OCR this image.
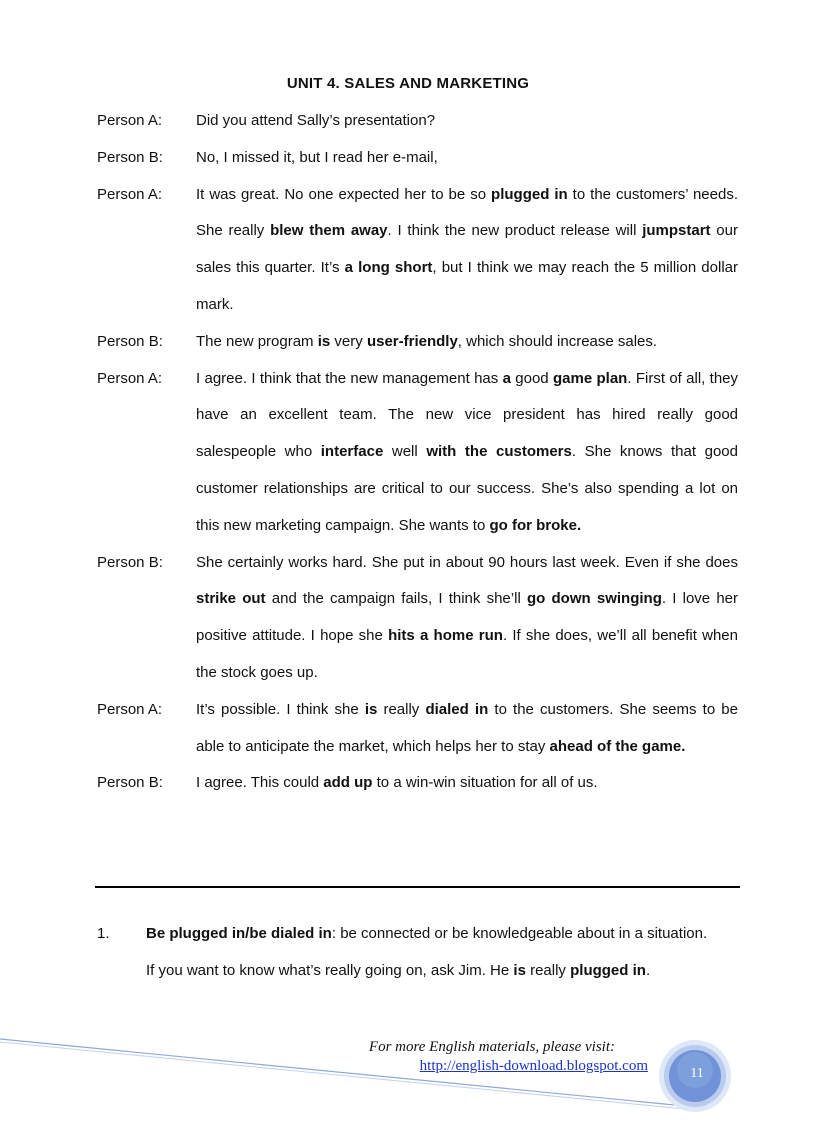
UNIT 4. SALES AND MARKETING
Person A:	Did you attend Sally’s presentation?
Person B:	No, I missed it, but I read her e-mail,
Person A:	It was great. No one expected her to be so plugged in to the customers’ needs. She really blew them away. I think the new product release will jumpstart our sales this quarter. It’s a long short, but I think we may reach the 5 million dollar mark.
Person B:	The new program is very user-friendly, which should increase sales.
Person A:	I agree. I think that the new management has a good game plan. First of all, they have an excellent team. The new vice president has hired really good salespeople who interface well with the customers. She knows that good customer relationships are critical to our success. She’s also spending a lot on this new marketing campaign. She wants to go for broke.
Person B:	She certainly works hard. She put in about 90 hours last week. Even if she does strike out and the campaign fails, I think she’ll go down swinging. I love her positive attitude. I hope she hits a home run. If she does, we’ll all benefit when the stock goes up.
Person A:	It’s possible. I think she is really dialed in to the customers. She seems to be able to anticipate the market, which helps her to stay ahead of the game.
Person B:	I agree. This could add up to a win-win situation for all of us.
1.	Be plugged in/be dialed in: be connected or be knowledgeable about in a situation.
If you want to know what’s really going on, ask Jim. He is really plugged in.
For more English materials, please visit:
http://english-download.blogspot.com	11
